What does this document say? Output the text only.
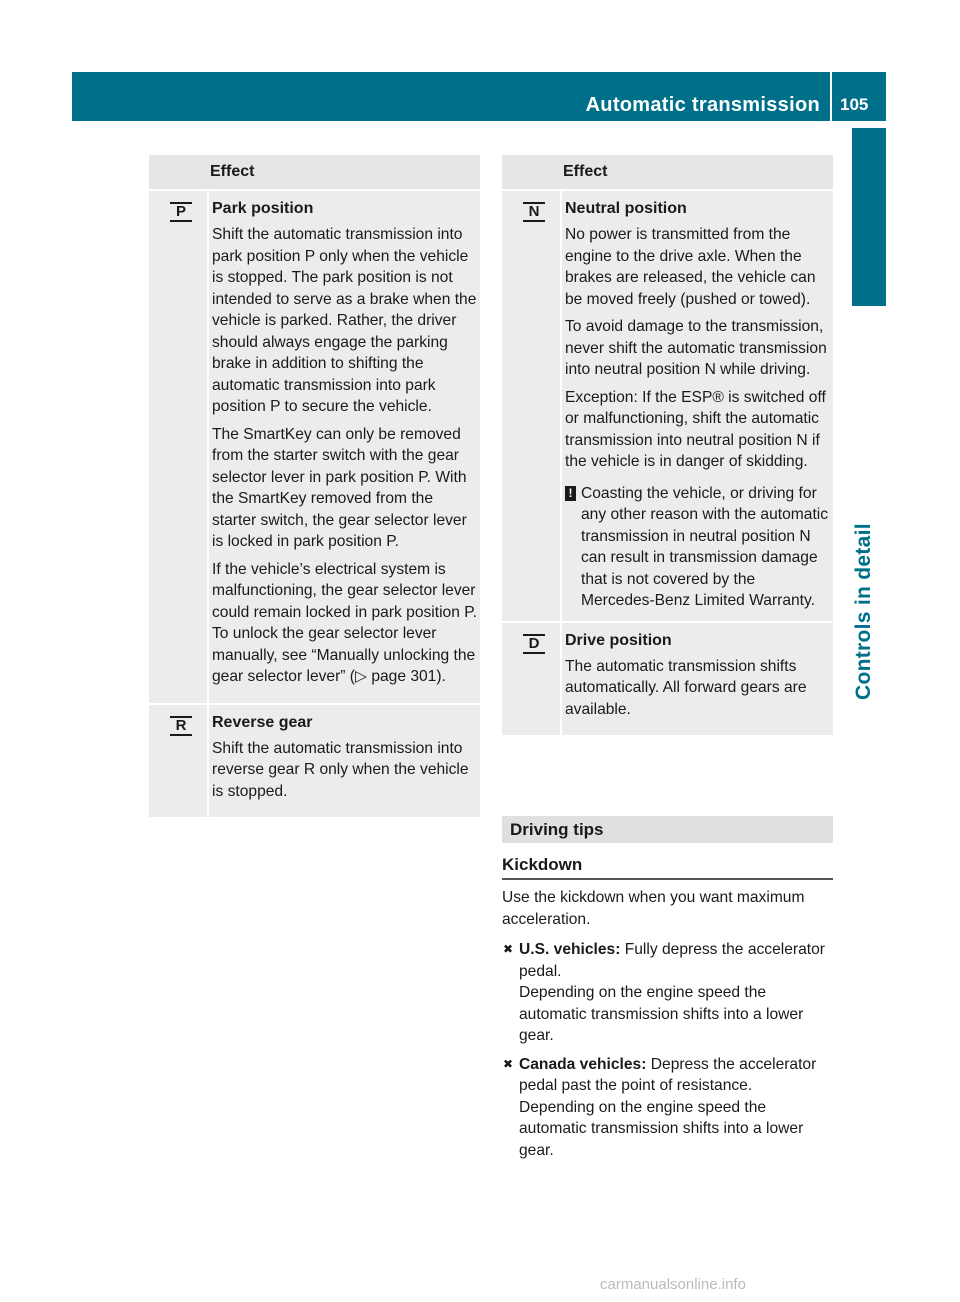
Automatic transmission 105
Controls in detail
Effect
P	Park position

Shift the automatic transmission into park position P only when the vehicle is stopped. The park position is not intended to serve as a brake when the vehicle is parked. Rather, the driver should always engage the parking brake in addition to shifting the automatic transmission into park position P to secure the vehicle.

The SmartKey can only be removed from the starter switch with the gear selector lever in park position P. With the SmartKey removed from the starter switch, the gear selector lever is locked in park position P.

If the vehicle’s electrical system is malfunctioning, the gear selector lever could remain locked in park position P. To unlock the gear selector lever manually, see “Manually unlocking the gear selector lever” (▷ page 301).

R	Reverse gear

Shift the automatic transmission into reverse gear R only when the vehicle is stopped.

Effect
N	Neutral position

No power is transmitted from the engine to the drive axle. When the brakes are released, the vehicle can be moved freely (pushed or towed).

To avoid damage to the transmission, never shift the automatic transmission into neutral position N while driving.

Exception: If the ESP® is switched off or malfunctioning, shift the automatic transmission into neutral position N if the vehicle is in danger of skidding.

! Coasting the vehicle, or driving for any other reason with the automatic transmission in neutral position N can result in transmission damage that is not covered by the Mercedes-Benz Limited Warranty.

D	Drive position

The automatic transmission shifts automatically. All forward gears are available.

Driving tips
Kickdown

Use the kickdown when you want maximum acceleration.

✖ U.S. vehicles: Fully depress the accelerator pedal.
Depending on the engine speed the automatic transmission shifts into a lower gear.
✖ Canada vehicles: Depress the accelerator pedal past the point of resistance.
Depending on the engine speed the automatic transmission shifts into a lower gear.
carmanualsonline.info
